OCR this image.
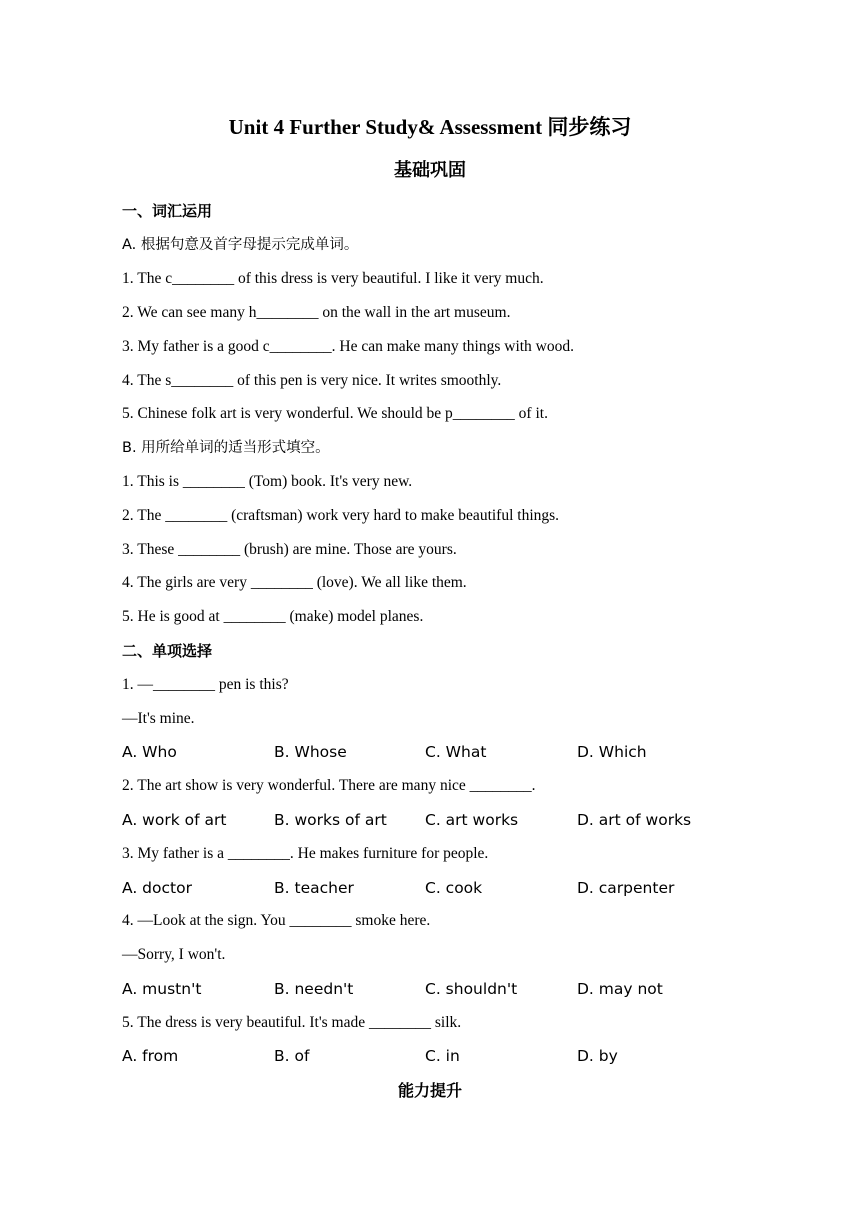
Unit 4 Further Study& Assessment 同步练习
基础巩固
一、词汇运用
A. 根据句意及首字母提示完成单词。
1. The c________ of this dress is very beautiful. I like it very much.
2. We can see many h________ on the wall in the art museum.
3. My father is a good c________. He can make many things with wood.
4. The s________ of this pen is very nice. It writes smoothly.
5. Chinese folk art is very wonderful. We should be p________ of it.
B. 用所给单词的适当形式填空。
1. This is ________ (Tom) book. It's very new.
2. The ________ (craftsman) work very hard to make beautiful things.
3. These ________ (brush) are mine. Those are yours.
4. The girls are very ________ (love). We all like them.
5. He is good at ________ (make) model planes.
二、单项选择
1. —________ pen is this?
—It's mine.
A. Who	B. Whose	C. What	D. Which
2. The art show is very wonderful. There are many nice ________.
A. work of art	B. works of art C. art works	D. art of works
3. My father is a ________. He makes furniture for people.
A. doctor	B. teacher	C. cook	D. carpenter
4. —Look at the sign. You ________ smoke here.
—Sorry, I won't.
A. mustn't	B. needn't	C. shouldn't	D. may not
5. The dress is very beautiful. It's made ________ silk.
A. from	B. of	C. in	D. by
能力提升
